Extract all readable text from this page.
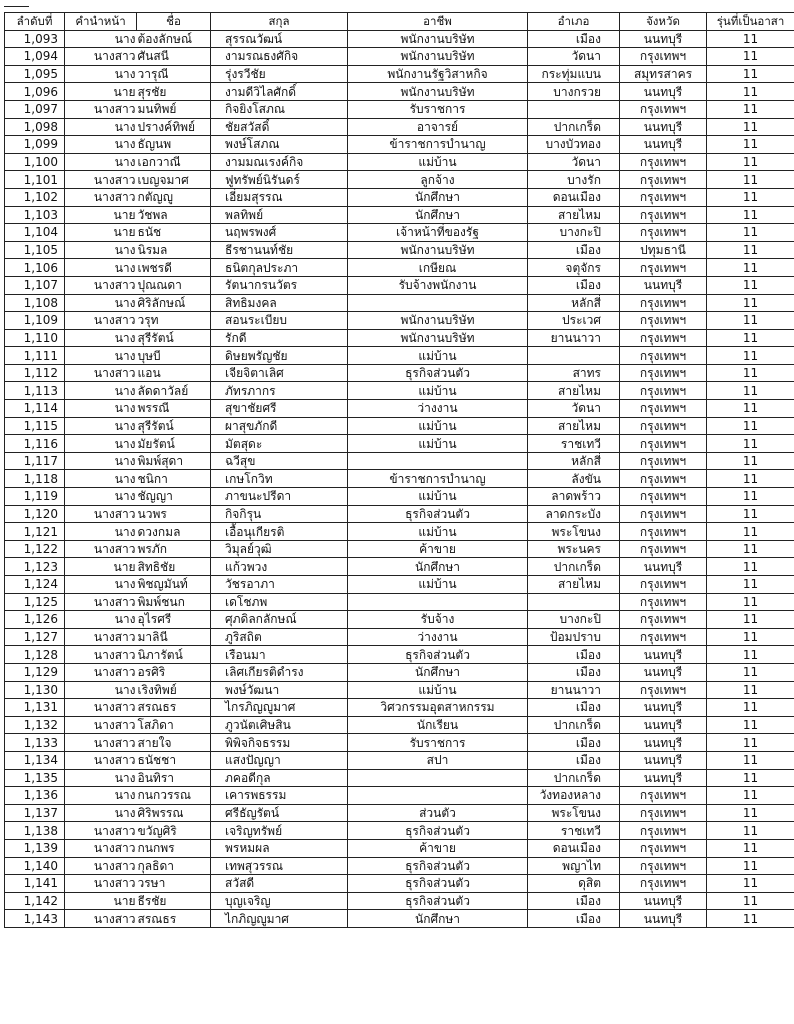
ลำดับที่	คำนำหน้า	ชื่อ	สกุล	อาชีพ	อำเภอ	จังหวัด	รุ่นที่เป็นอาสา
1,093	นาง	ต้องลักษณ์	สุรรณวัฒน์	พนักงานบริษัท	เมือง	นนทบุรี	11
1,094	นางสาว	ศันสนี	งามรณธงศักิจ	พนักงานบริษัท	วัดนา	กรุงเทพฯ	11
1,095	นาง	วารุณี	รุ่งรวีชัย	พนักงานรัฐวิสาหกิจ	กระทุ่มแบน	สมุทรสาคร	11
1,096	นาย	สุรชัย	งามดีวิไลศักดิ์	พนักงานบริษัท	บางกรวย	นนทบุรี	11
1,097	นางสาว	มนทิพย์	กิจยิงโสภณ	รับราชการ		กรุงเทพฯ	11
1,098	นาง	ปรางค์ทิพย์	ชัยสวัสดิ์	อาจารย์	ปากเกร็ด	นนทบุรี	11
1,099	นาง	ธัญนพ	พงษ์โสภณ	ข้าราชการบำนาญ	บางบัวทอง	นนทบุรี	11
1,100	นาง	เอกวาณี	งามมณเรงค์กิจ	แม่บ้าน	วัดนา	กรุงเทพฯ	11
1,101	นางสาว	เบญจมาศ	ฟูทรัพย์นิรันดร์	ลูกจ้าง	บางรัก	กรุงเทพฯ	11
1,102	นางสาว	กตัญญู	เอี่ยมสุรรณ	นักศึกษา	ดอนเมือง	กรุงเทพฯ	11
1,103	นาย	วัชพล	พลทิพย์	นักศึกษา	สายไหม	กรุงเทพฯ	11
1,104	นาย	ธนัช	นฤพรพงศ์	เจ้าหน้าที่ของรัฐ	บางกะปิ	กรุงเทพฯ	11
1,105	นาง	นิรมล	ธีรชานนท์ชัย	พนักงานบริษัท	เมือง	ปทุมธานี	11
1,106	นาง	เพชรดี	ธนิตกุลประภา	เกษียณ	จตุจักร	กรุงเทพฯ	11
1,107	นางสาว	ปุณณดา	รัตนากรนวัตร	รับจ้างพนักงาน	เมือง	นนทบุรี	11
1,108	นาง	ศิริลักษณ์	สิทธิมงคล		หลักสี่	กรุงเทพฯ	11
1,109	นางสาว	วรุท	สอนระเบียบ	พนักงานบริษัท	ประเวศ	กรุงเทพฯ	11
1,110	นาง	สุรีรัตน์	รักดี	พนักงานบริษัท	ยานนาวา	กรุงเทพฯ	11
1,111	นาง	บุษบี	ดิษยพรัญชัย	แม่บ้าน		กรุงเทพฯ	11
1,112	นางสาว	แอน	เจียจิตาเลิศ	ธุรกิจส่วนตัว	สาทร	กรุงเทพฯ	11
1,113	นาง	ลัดดาวัลย์	ภัทรภากร	แม่บ้าน	สายไหม	กรุงเทพฯ	11
1,114	นาง	พรรณี	สุขาชัยศรี	ว่างงาน	วัดนา	กรุงเทพฯ	11
1,115	นาง	สุรีรัตน์	ผาสุขภักดี	แม่บ้าน	สายไหม	กรุงเทพฯ	11
1,116	นาง	มัยรัตน์	มัตสุดะ	แม่บ้าน	ราชเทวี	กรุงเทพฯ	11
1,117	นาง	พิมพ์สุดา	ฉวีสุข		หลักสี่	กรุงเทพฯ	11
1,118	นาง	ชนิกา	เกษโกวิท	ข้าราชการบำนาญ	ลังขัน	กรุงเทพฯ	11
1,119	นาง	ชัญญา	ภาขนะปรีดา	แม่บ้าน	ลาดพร้าว	กรุงเทพฯ	11
1,120	นางสาว	นวพร	กิจกิรุน	ธุรกิจส่วนตัว	ลาดกระบัง	กรุงเทพฯ	11
1,121	นาง	ดวงกมล	เอื้อนุเกียรติ	แม่บ้าน	พระโขนง	กรุงเทพฯ	11
1,122	นางสาว	พรภัก	วิมุลย์วุฒิ	ค้าขาย	พระนคร	กรุงเทพฯ	11
1,123	นาย	สิทธิชัย	แก้วพวง	นักศึกษา	ปากเกร็ด	นนทบุรี	11
1,124	นาง	พิชญมันท์	วัชรอาภา	แม่บ้าน	สายไหม	กรุงเทพฯ	11
1,125	นางสาว	พิมพ์ชนก	เดโชภพ			กรุงเทพฯ	11
1,126	นาง	อุไรศรี	ศุภดิลกลักษณ์	รับจ้าง	บางกะปิ	กรุงเทพฯ	11
1,127	นางสาว	มาลินี	ภูริสถิต	ว่างงาน	ป้อมปราบ	กรุงเทพฯ	11
1,128	นางสาว	นิภารัตน์	เรือนมา	ธุรกิจส่วนตัว	เมือง	นนทบุรี	11
1,129	นางสาว	อรศิริ	เลิศเกียรติดำรง	นักศึกษา	เมือง	นนทบุรี	11
1,130	นาง	เริงทิพย์	พงษ์วัฒนา	แม่บ้าน	ยานนาวา	กรุงเทพฯ	11
1,131	นางสาว	สรณธร	ไกรภิญญูมาศ	วิศวกรรมอุตสาหกรรม	เมือง	นนทบุรี	11
1,132	นางสาว	โสภิดา	ภูวนัตเศิษสิน	นักเรียน	ปากเกร็ด	นนทบุรี	11
1,133	นางสาว	สายใจ	พิพิจกิจธรรม	รับราชการ	เมือง	นนทบุรี	11
1,134	นางสาว	ธนัชชา	แสงปัญญา	สปา	เมือง	นนทบุรี	11
1,135	นาง	อินทิรา	ภคอดีกุล		ปากเกร็ด	นนทบุรี	11
1,136	นาง	กนกวรรณ	เคารพธรรม		วังทองหลาง	กรุงเทพฯ	11
1,137	นาง	ศิริพรรณ	ศรีธัญรัตน์	ส่วนตัว	พระโขนง	กรุงเทพฯ	11
1,138	นางสาว	ขวัญศิริ	เจริญทรัพย์	ธุรกิจส่วนตัว	ราชเทวี	กรุงเทพฯ	11
1,139	นางสาว	กนกพร	พรหมผล	ค้าขาย	ดอนเมือง	กรุงเทพฯ	11
1,140	นางสาว	กุลธิดา	เทพสุวรรณ	ธุรกิจส่วนตัว	พญาไท	กรุงเทพฯ	11
1,141	นางสาว	วรษา	สวัสดี	ธุรกิจส่วนตัว	ดุสิต	กรุงเทพฯ	11
1,142	นาย	ธีรชัย	บุญเจริญ	ธุรกิจส่วนตัว	เมือง	นนทบุรี	11
1,143	นางสาว	สรณธร	ไกภิญญูมาศ	นักศึกษา	เมือง	นนทบุรี	11
